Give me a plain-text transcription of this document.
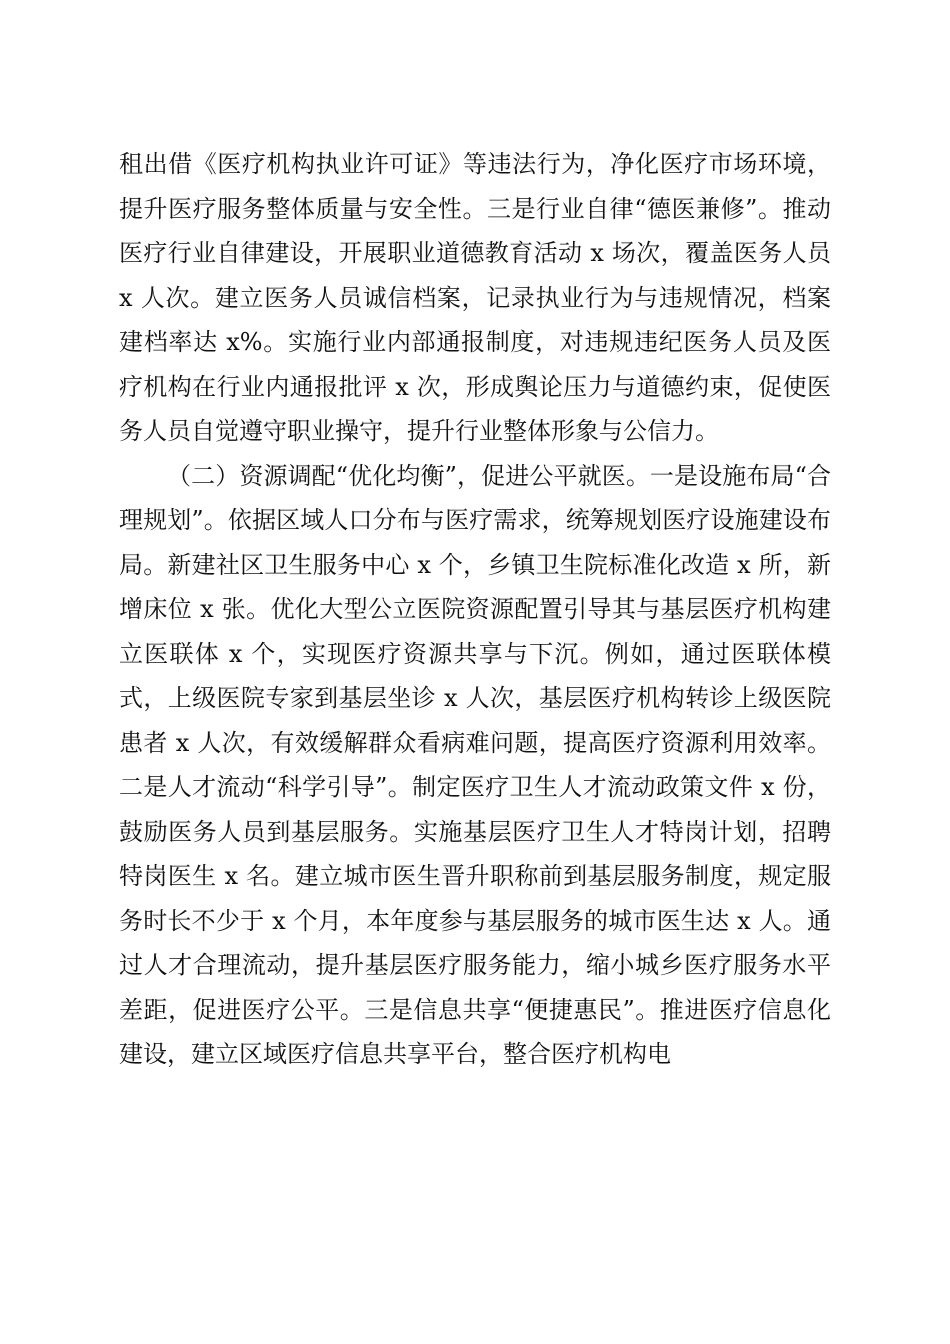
租出借《医疗机构执业许可证》等违法行为，净化医疗市场环境，提升医疗服务整体质量与安全性。三是行业自律“德医兼修”。推动医疗行业自律建设，开展职业道德教育活动 x 场次，覆盖医务人员 x 人次。建立医务人员诚信档案，记录执业行为与违规情况，档案建档率达 x%。实施行业内部通报制度，对违规违纪医务人员及医疗机构在行业内通报批评 x 次，形成舆论压力与道德约束，促使医务人员自觉遵守职业操守，提升行业整体形象与公信力。

（二）资源调配“优化均衡”，促进公平就医。一是设施布局“合理规划”。依据区域人口分布与医疗需求，统筹规划医疗设施建设布局。新建社区卫生服务中心 x 个，乡镇卫生院标准化改造 x 所，新增床位 x 张。优化大型公立医院资源配置引导其与基层医疗机构建立医联体 x 个，实现医疗资源共享与下沉。例如，通过医联体模式，上级医院专家到基层坐诊 x 人次，基层医疗机构转诊上级医院患者 x 人次，有效缓解群众看病难问题，提高医疗资源利用效率。二是人才流动“科学引导”。制定医疗卫生人才流动政策文件 x 份，鼓励医务人员到基层服务。实施基层医疗卫生人才特岗计划，招聘特岗医生 x 名。建立城市医生晋升职称前到基层服务制度，规定服务时长不少于 x 个月，本年度参与基层服务的城市医生达 x 人。通过人才合理流动，提升基层医疗服务能力，缩小城乡医疗服务水平差距，促进医疗公平。三是信息共享“便捷惠民”。推进医疗信息化建设，建立区域医疗信息共享平台，整合医疗机构电
